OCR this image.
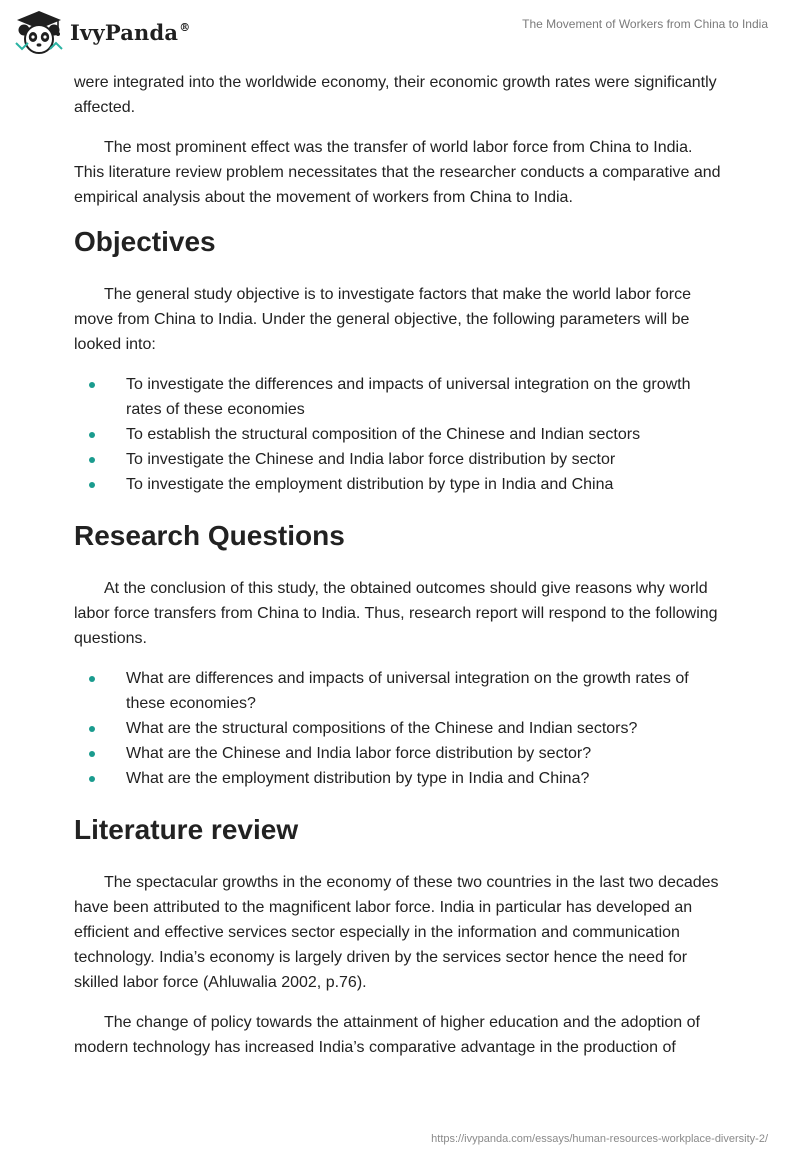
IvyPanda®	The Movement of Workers from China to India

were integrated into the worldwide economy, their economic growth rates were significantly affected.

The most prominent effect was the transfer of world labor force from China to India. This literature review problem necessitates that the researcher conducts a comparative and empirical analysis about the movement of workers from China to India.

Objectives

The general study objective is to investigate factors that make the world labor force move from China to India. Under the general objective, the following parameters will be looked into:

To investigate the differences and impacts of universal integration on the growth rates of these economies
To establish the structural composition of the Chinese and Indian sectors
To investigate the Chinese and India labor force distribution by sector
To investigate the employment distribution by type in India and China
Research Questions

At the conclusion of this study, the obtained outcomes should give reasons why world labor force transfers from China to India. Thus, research report will respond to the following questions.

What are differences and impacts of universal integration on the growth rates of these economies?
What are the structural compositions of the Chinese and Indian sectors?
What are the Chinese and India labor force distribution by sector?
What are the employment distribution by type in India and China?
Literature review

The spectacular growths in the economy of these two countries in the last two decades have been attributed to the magnificent labor force. India in particular has developed an efficient and effective services sector especially in the information and communication technology. India’s economy is largely driven by the services sector hence the need for skilled labor force (Ahluwalia 2002, p.76).

The change of policy towards the attainment of higher education and the adoption of modern technology has increased India’s comparative advantage in the production of

https://ivypanda.com/essays/human-resources-workplace-diversity-2/
